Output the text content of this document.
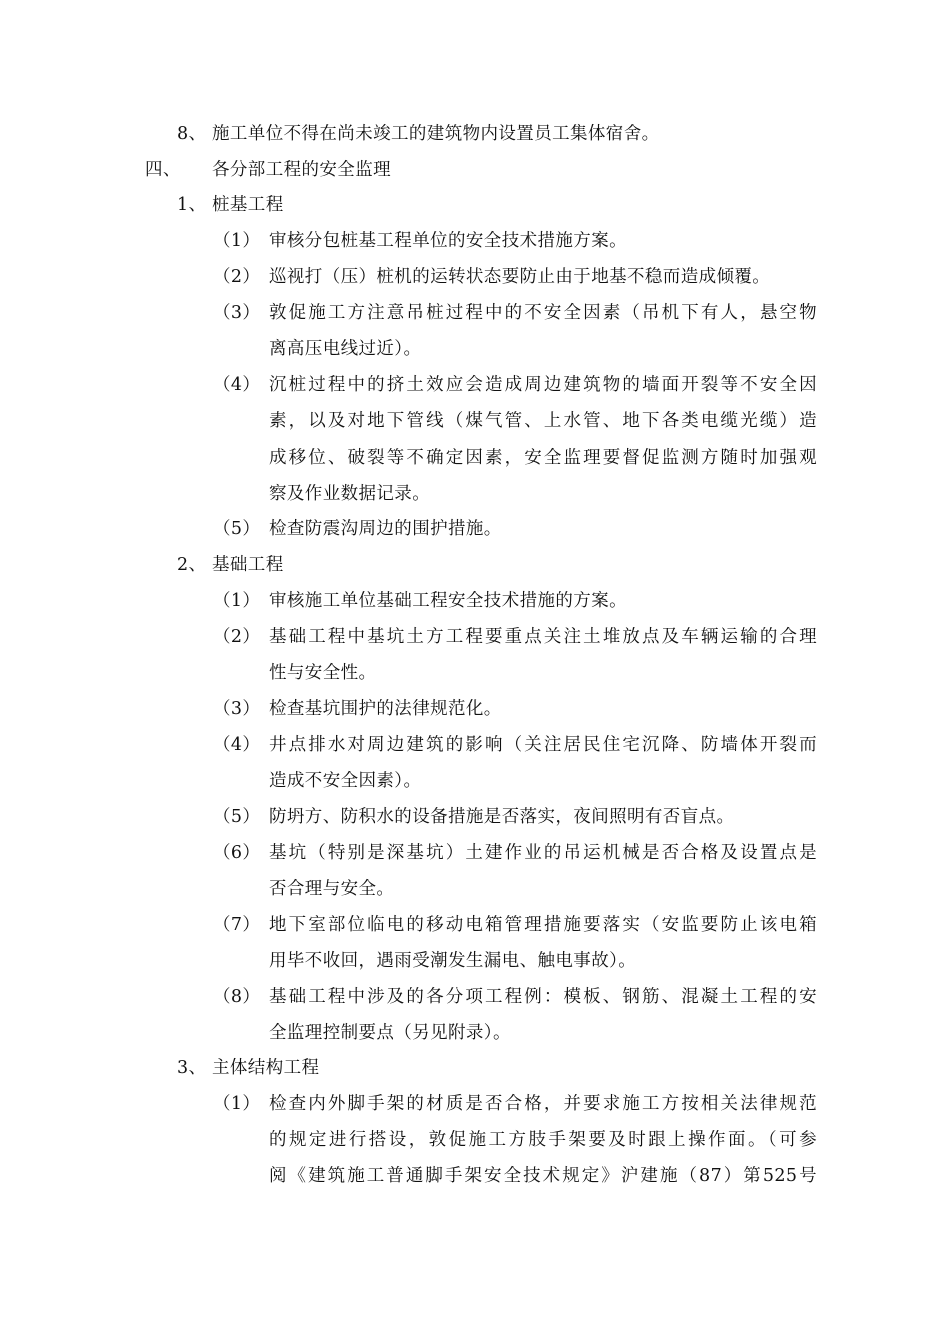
8、 施工单位不得在尚未竣工的建筑物内设置员工集体宿舍。
四、 各分部工程的安全监理
1、 桩基工程
（1） 审核分包桩基工程单位的安全技术措施方案。
（2） 巡视打（压）桩机的运转状态要防止由于地基不稳而造成倾覆。
（3） 敦促施工方注意吊桩过程中的不安全因素（吊机下有人，悬空物
离高压电线过近）。
（4） 沉桩过程中的挤土效应会造成周边建筑物的墙面开裂等不安全因
素，以及对地下管线（煤气管、上水管、地下各类电缆光缆）造
成移位、破裂等不确定因素，安全监理要督促监测方随时加强观
察及作业数据记录。
（5） 检查防震沟周边的围护措施。
2、 基础工程
（1） 审核施工单位基础工程安全技术措施的方案。
（2） 基础工程中基坑土方工程要重点关注土堆放点及车辆运输的合理
性与安全性。
（3） 检查基坑围护的法律规范化。
（4） 井点排水对周边建筑的影响（关注居民住宅沉降、防墙体开裂而
造成不安全因素）。
（5） 防坍方、防积水的设备措施是否落实，夜间照明有否盲点。
（6） 基坑（特别是深基坑）土建作业的吊运机械是否合格及设置点是
否合理与安全。
（7） 地下室部位临电的移动电箱管理措施要落实（安监要防止该电箱
用毕不收回，遇雨受潮发生漏电、触电事故）。
（8） 基础工程中涉及的各分项工程例：模板、钢筋、混凝土工程的安
全监理控制要点（另见附录）。
3、 主体结构工程
（1） 检查内外脚手架的材质是否合格，并要求施工方按相关法律规范
的规定进行搭设，敦促施工方肢手架要及时跟上操作面。（可参
阅《建筑施工普通脚手架安全技术规定》沪建施（87）第525号
